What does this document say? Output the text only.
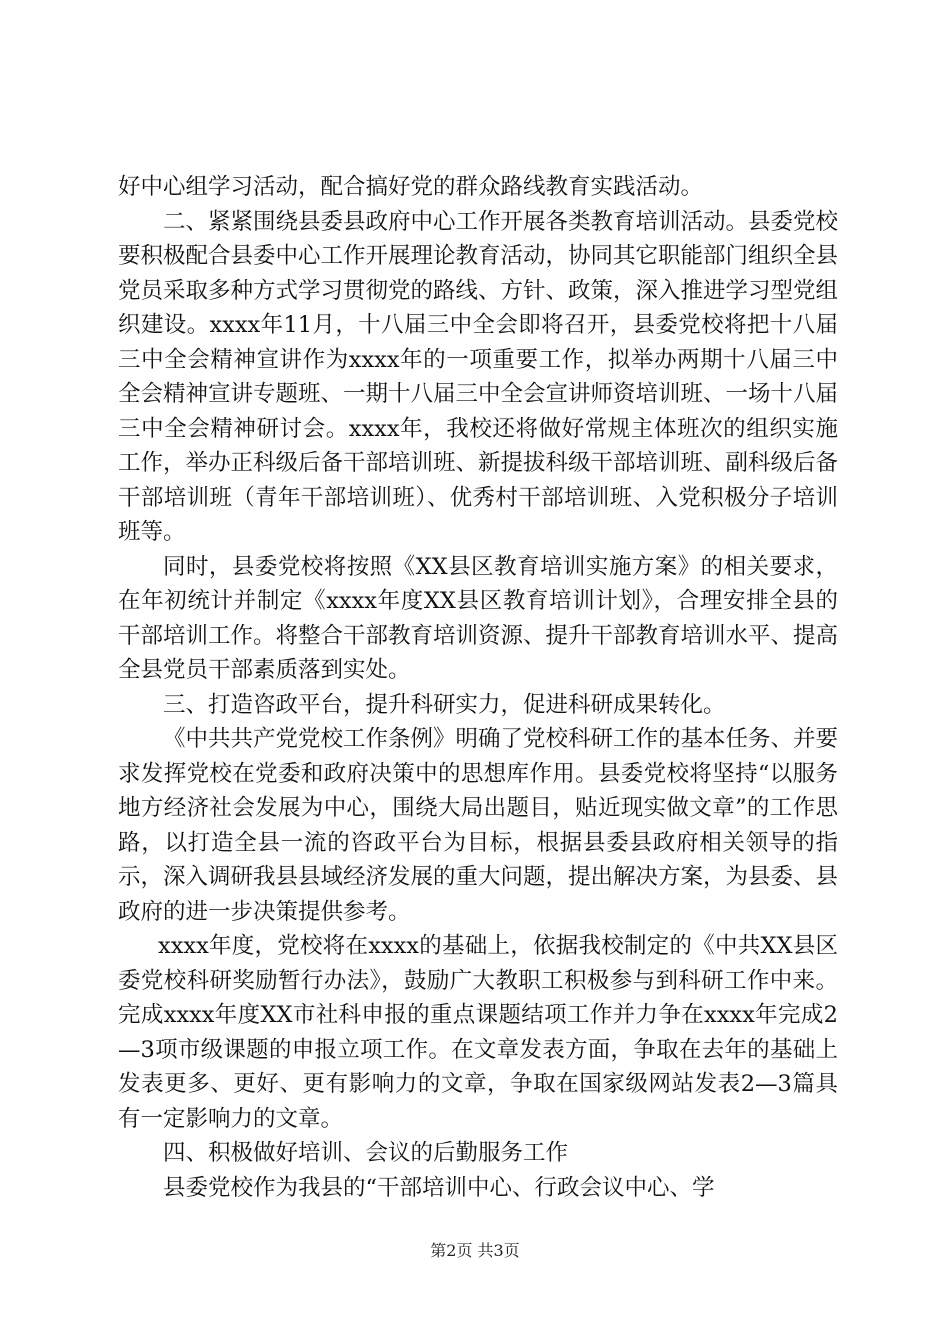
好中心组学习活动，配合搞好党的群众路线教育实践活动。

二、紧紧围绕县委县政府中心工作开展各类教育培训活动。县委党校要积极配合县委中心工作开展理论教育活动，协同其它职能部门组织全县党员采取多种方式学习贯彻党的路线、方针、政策，深入推进学习型党组织建设。xxxx年11月，十八届三中全会即将召开，县委党校将把十八届三中全会精神宣讲作为xxxx年的一项重要工作，拟举办两期十八届三中全会精神宣讲专题班、一期十八届三中全会宣讲师资培训班、一场十八届三中全会精神研讨会。xxxx年，我校还将做好常规主体班次的组织实施工作，举办正科级后备干部培训班、新提拔科级干部培训班、副科级后备干部培训班（青年干部培训班）、优秀村干部培训班、入党积极分子培训班等。

同时，县委党校将按照《XX县区教育培训实施方案》的相关要求，在年初统计并制定《xxxx年度XX县区教育培训计划》，合理安排全县的干部培训工作。将整合干部教育培训资源、提升干部教育培训水平、提高全县党员干部素质落到实处。

三、打造咨政平台，提升科研实力，促进科研成果转化。

《中共共产党党校工作条例》明确了党校科研工作的基本任务、并要求发挥党校在党委和政府决策中的思想库作用。县委党校将坚持“以服务地方经济社会发展为中心，围绕大局出题目，贴近现实做文章”的工作思路，以打造全县一流的咨政平台为目标，根据县委县政府相关领导的指示，深入调研我县县域经济发展的重大问题，提出解决方案，为县委、县政府的进一步决策提供参考。

xxxx年度，党校将在xxxx的基础上，依据我校制定的《中共XX县区委党校科研奖励暂行办法》，鼓励广大教职工积极参与到科研工作中来。完成xxxx年度XX市社科申报的重点课题结项工作并力争在xxxx年完成2—3项市级课题的申报立项工作。在文章发表方面，争取在去年的基础上发表更多、更好、更有影响力的文章，争取在国家级网站发表2—3篇具有一定影响力的文章。

四、积极做好培训、会议的后勤服务工作

县委党校作为我县的“干部培训中心、行政会议中心、学

第2页 共3页
